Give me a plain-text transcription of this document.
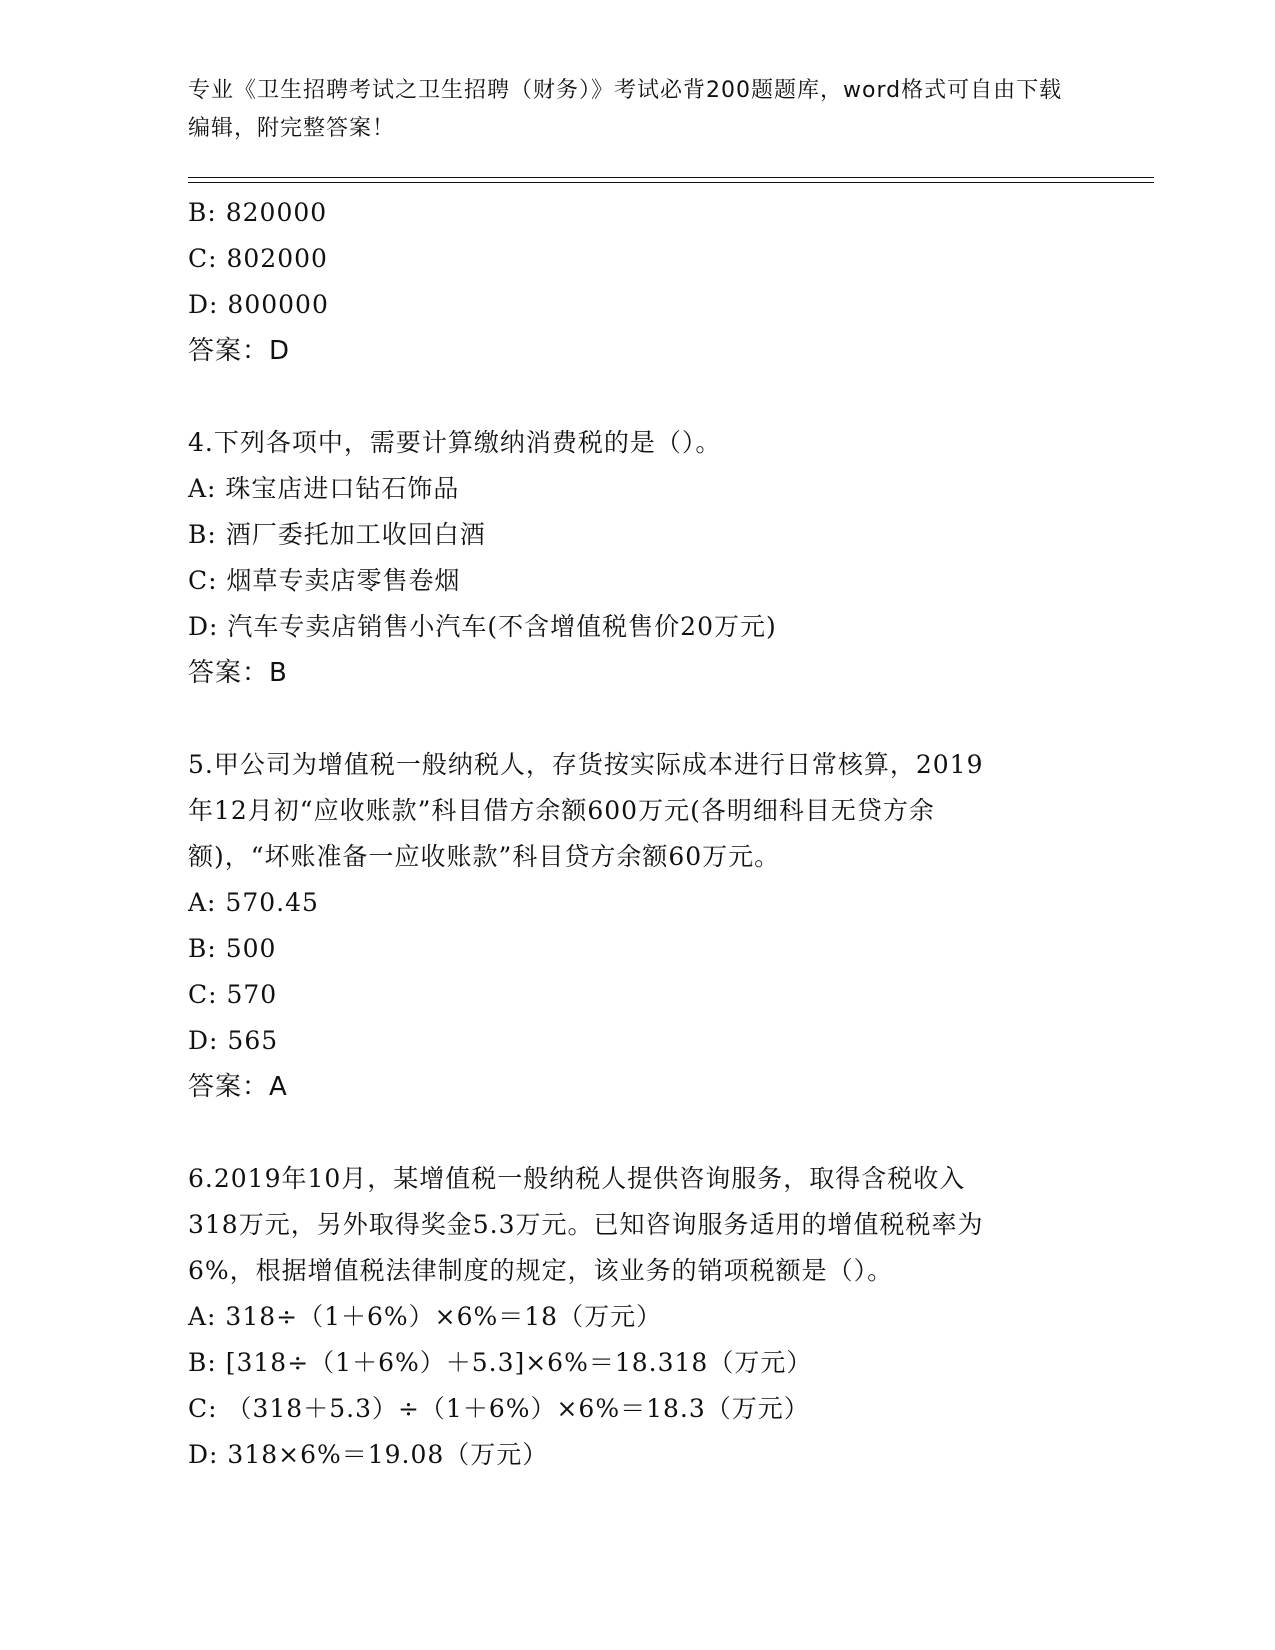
专业《卫生招聘考试之卫生招聘（财务）》考试必背200题题库，word格式可自由下载编辑，附完整答案！
B: 820000
C: 802000
D: 800000
答案：D
4.下列各项中，需要计算缴纳消费税的是（）。
A: 珠宝店进口钻石饰品
B: 酒厂委托加工收回白酒
C: 烟草专卖店零售卷烟
D: 汽车专卖店销售小汽车(不含增值税售价20万元)
答案：B
5.甲公司为增值税一般纳税人，存货按实际成本进行日常核算，2019
年12月初“应收账款”科目借方余额600万元(各明细科目无贷方余
额)，“坏账准备一应收账款”科目贷方余额60万元。
A: 570.45
B: 500
C: 570
D: 565
答案：A
6.2019年10月，某增值税一般纳税人提供咨询服务，取得含税收入
318万元，另外取得奖金5.3万元。已知咨询服务适用的增值税税率为
6%，根据增值税法律制度的规定，该业务的销项税额是（）。
A: 318÷（1＋6%）×6%＝18（万元）
B: [318÷（1＋6%）＋5.3]×6%＝18.318（万元）
C: （318＋5.3）÷（1＋6%）×6%＝18.3（万元）
D: 318×6%＝19.08（万元）
